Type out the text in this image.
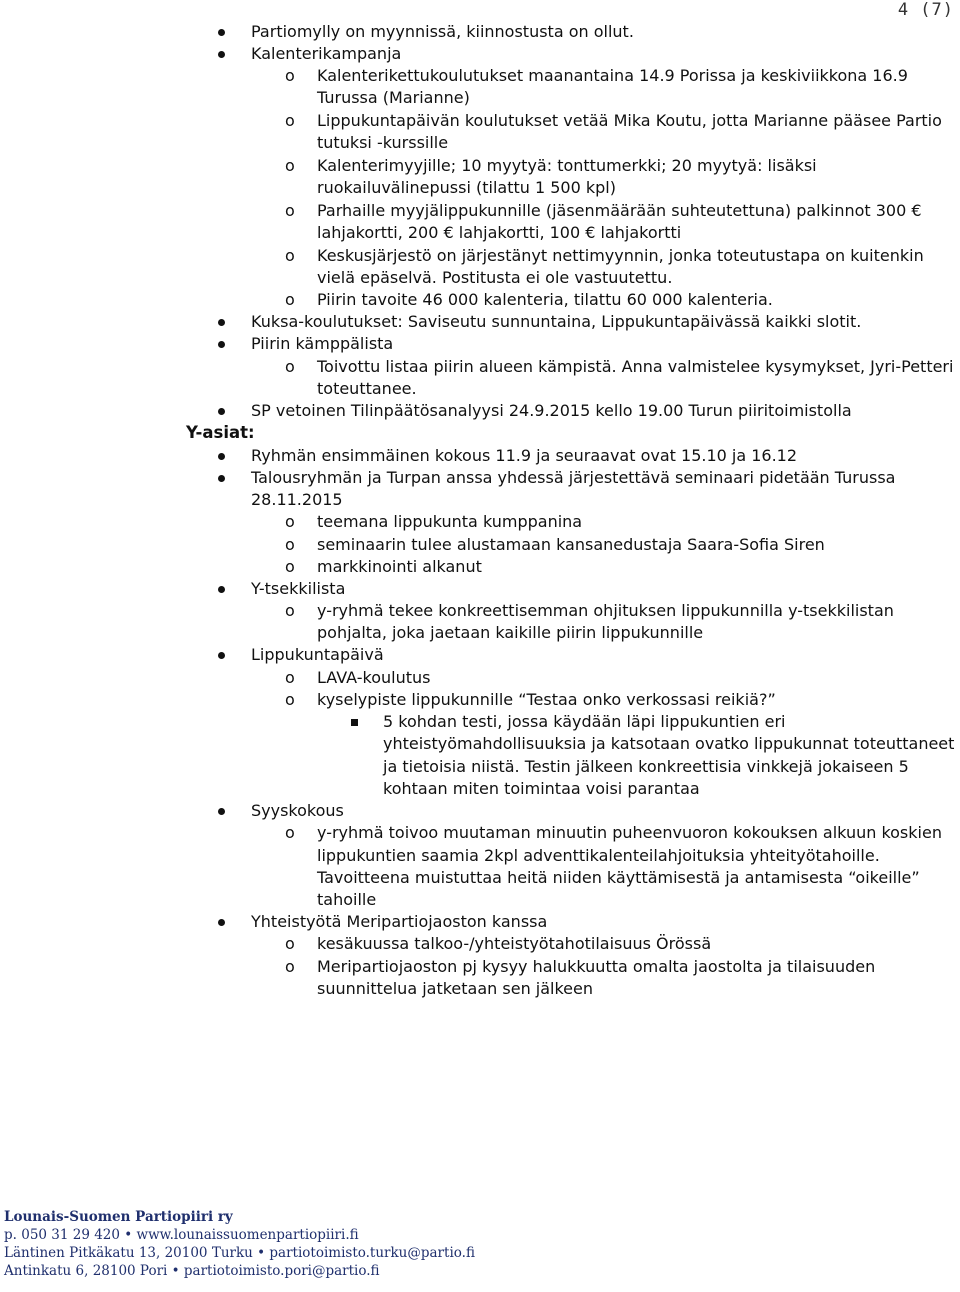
4 (7)
Partiomylly on myynnissä, kiinnostusta on ollut.
Kalenterikampanja
o Kalenterikettukoulutukset maanantaina 14.9 Porissa ja keskiviikkona 16.9
Turussa (Marianne)
o Lippukuntapäivän koulutukset vetää Mika Koutu, jotta Marianne pääsee Partio
tutuksi -kurssille
o Kalenterimyyjille; 10 myytyä: tonttumerkki; 20 myytyä: lisäksi
ruokailuvälinepussi (tilattu 1 500 kpl)
o Parhaille myyjälippukunnille (jäsenmäärään suhteutettuna) palkinnot 300 €
lahjakortti, 200 € lahjakortti, 100 € lahjakortti
o Keskusjärjestö on järjestänyt nettimyynnin, jonka toteutustapa on kuitenkin
vielä epäselvä. Postitusta ei ole vastuutettu.
o Piirin tavoite 46 000 kalenteria, tilattu 60 000 kalenteria.
Kuksa-koulutukset: Saviseutu sunnuntaina, Lippukuntapäivässä kaikki slotit.
Piirin kämppälista
o Toivottu listaa piirin alueen kämpistä. Anna valmistelee kysymykset, Jyri-Petteri
toteuttanee.
SP vetoinen Tilinpäätösanalyysi 24.9.2015 kello 19.00 Turun piiritoimistolla
Y-asiat:
Ryhmän ensimmäinen kokous 11.9 ja seuraavat ovat 15.10 ja 16.12
Talousryhmän ja Turpan anssa yhdessä järjestettävä seminaari pidetään Turussa
28.11.2015
o teemana lippukunta kumppanina
o seminaarin tulee alustamaan kansanedustaja Saara-Sofia Siren
o markkinointi alkanut
Y-tsekkilista
o y-ryhmä tekee konkreettisemman ohjituksen lippukunnilla y-tsekkilistan
pohjalta, joka jaetaan kaikille piirin lippukunnille
Lippukuntapäivä
o LAVA-koulutus
o kyselypiste lippukunnille “Testaa onko verkossasi reikiä?”
5 kohdan testi, jossa käydään läpi lippukuntien eri
yhteistyömahdollisuuksia ja katsotaan ovatko lippukunnat toteuttaneet
ja tietoisia niistä. Testin jälkeen konkreettisia vinkkejä jokaiseen 5
kohtaan miten toimintaa voisi parantaa
Syyskokous
o y-ryhmä toivoo muutaman minuutin puheenvuoron kokouksen alkuun koskien
lippukuntien saamia 2kpl adventtikalenteilahjoituksia yhteityötahoille.
Tavoitteena muistuttaa heitä niiden käyttämisestä ja antamisesta “oikeille”
tahoille
Yhteistyötä Meripartiojaoston kanssa
o kesäkuussa talkoo-/yhteistyötahotilaisuus Örössä
o Meripartiojaoston pj kysyy halukkuutta omalta jaostolta ja tilaisuuden
suunnittelua jatketaan sen jälkeen
Lounais-Suomen Partiopiiri ry
p. 050 31 29 420 • www.lounaissuomenpartiopiiri.fi
Läntinen Pitkäkatu 13, 20100 Turku • partiotoimisto.turku@partio.fi
Antinkatu 6, 28100 Pori • partiotoimisto.pori@partio.fi
